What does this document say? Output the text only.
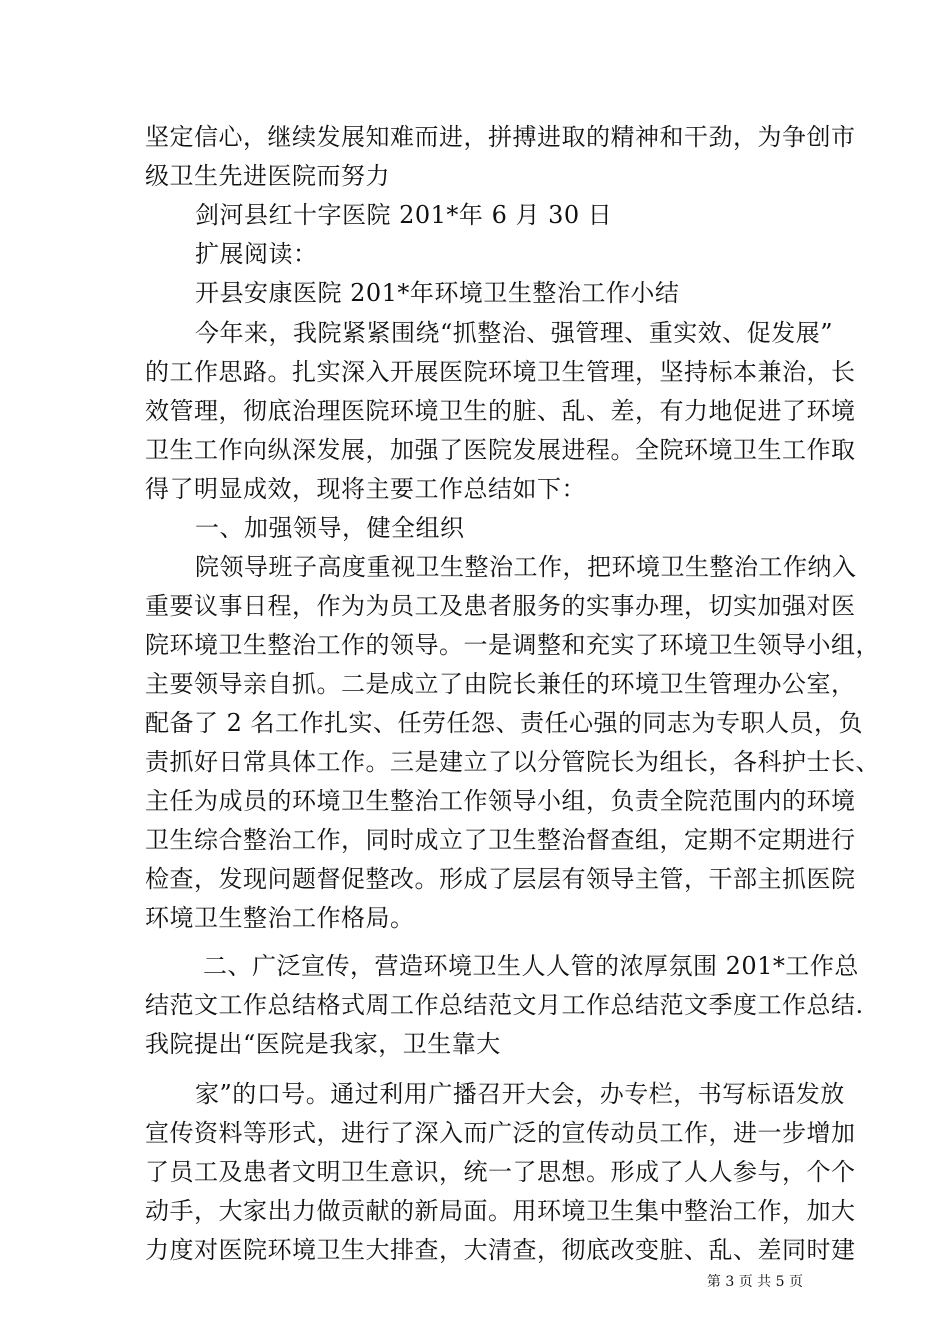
坚定信心，继续发展知难而进，拼搏进取的精神和干劲，为争创市
级卫生先进医院而努力
剑河县红十字医院 201*年 6 月 30 日
扩展阅读：
开县安康医院 201*年环境卫生整治工作小结
今年来，我院紧紧围绕“抓整治、强管理、重实效、促发展”
的工作思路。扎实深入开展医院环境卫生管理，坚持标本兼治，长
效管理，彻底治理医院环境卫生的脏、乱、差，有力地促进了环境
卫生工作向纵深发展，加强了医院发展进程。全院环境卫生工作取
得了明显成效，现将主要工作总结如下：
一、加强领导，健全组织
院领导班子高度重视卫生整治工作，把环境卫生整治工作纳入
重要议事日程，作为为员工及患者服务的实事办理，切实加强对医
院环境卫生整治工作的领导。一是调整和充实了环境卫生领导小组，
主要领导亲自抓。二是成立了由院长兼任的环境卫生管理办公室，
配备了 2 名工作扎实、任劳任怨、责任心强的同志为专职人员，负
责抓好日常具体工作。三是建立了以分管院长为组长，各科护士长、
主任为成员的环境卫生整治工作领导小组，负责全院范围内的环境
卫生综合整治工作，同时成立了卫生整治督查组，定期不定期进行
检查，发现问题督促整改。形成了层层有领导主管，干部主抓医院
环境卫生整治工作格局。
二、广泛宣传，营造环境卫生人人管的浓厚氛围 201*工作总
结范文工作总结格式周工作总结范文月工作总结范文季度工作总结.
我院提出“医院是我家，卫生靠大
家”的口号。通过利用广播召开大会，办专栏，书写标语发放
宣传资料等形式，进行了深入而广泛的宣传动员工作，进一步增加
了员工及患者文明卫生意识，统一了思想。形成了人人参与，个个
动手，大家出力做贡献的新局面。用环境卫生集中整治工作，加大
力度对医院环境卫生大排查，大清查，彻底改变脏、乱、差同时建
第 3 页 共 5 页
